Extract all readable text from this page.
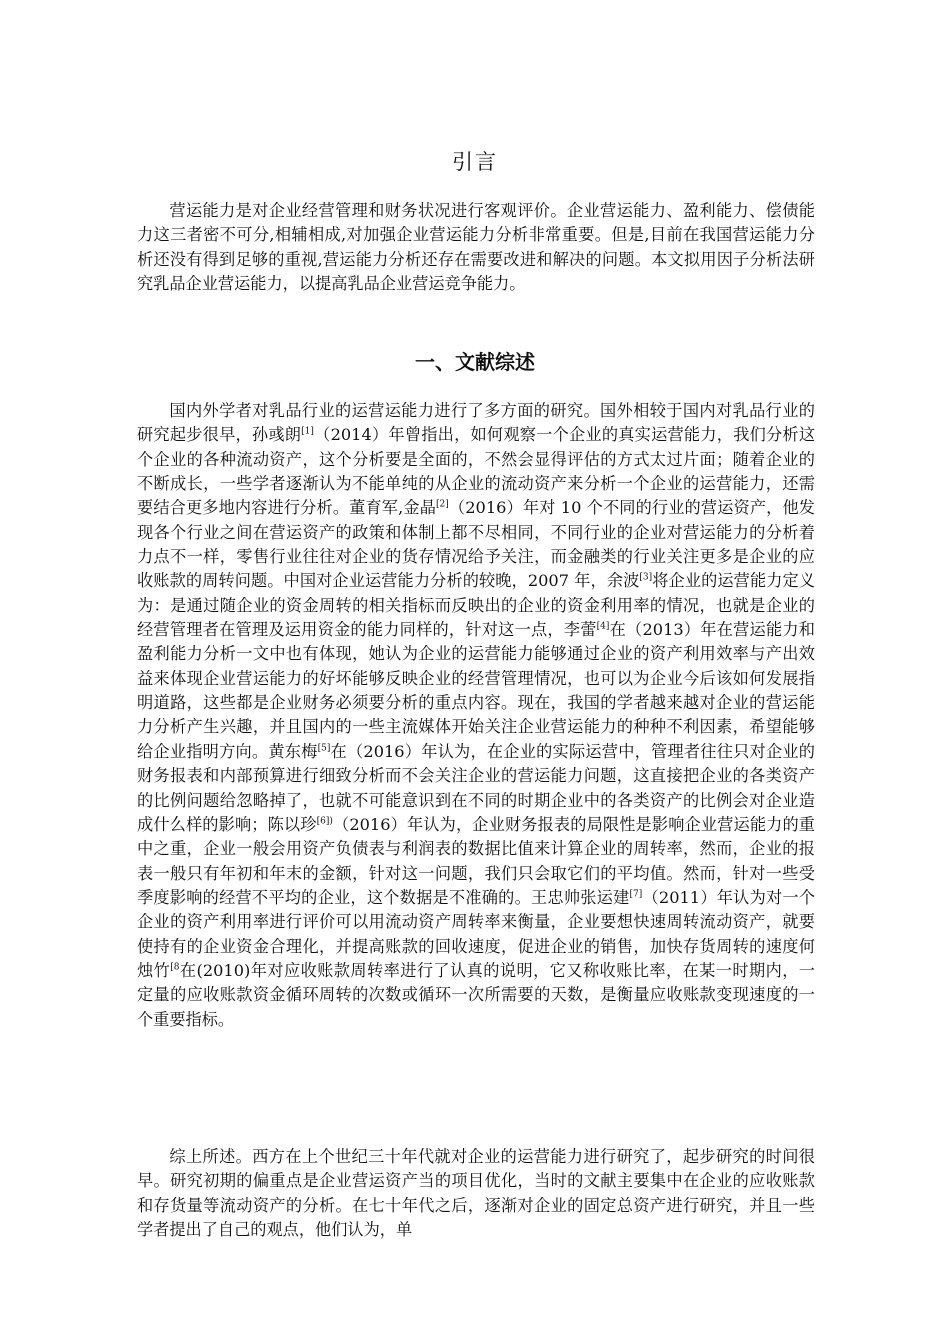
引言

营运能力是对企业经营管理和财务状况进行客观评价。企业营运能力、盈利能力、偿债能力这三者密不可分,相辅相成,对加强企业营运能力分析非常重要。但是,目前在我国营运能力分析还没有得到足够的重视,营运能力分析还存在需要改进和解决的问题。本文拟用因子分析法研究乳品企业营运能力，以提高乳品企业营运竞争能力。

一、文献综述

国内外学者对乳品行业的运营运能力进行了多方面的研究。国外相较于国内对乳品行业的研究起步很早，孙彧朗[1]（2014）年曾指出，如何观察一个企业的真实运营能力，我们分析这个企业的各种流动资产，这个分析要是全面的，不然会显得评估的方式太过片面；随着企业的不断成长，一些学者逐渐认为不能单纯的从企业的流动资产来分析一个企业的运营能力，还需要结合更多地内容进行分析。董育军,金晶[2]（2016）年对 10 个不同的行业的营运资产，他发现各个行业之间在营运资产的政策和体制上都不尽相同，不同行业的企业对营运能力的分析着力点不一样，零售行业往往对企业的货存情况给予关注，而金融类的行业关注更多是企业的应收账款的周转问题。中国对企业运营能力分析的较晚，2007 年，余波[3]将企业的运营能力定义为：是通过随企业的资金周转的相关指标而反映出的企业的资金利用率的情况，也就是企业的经营管理者在管理及运用资金的能力同样的，针对这一点，李蕾[4]在（2013）年在营运能力和盈利能力分析一文中也有体现，她认为企业的运营能力能够通过企业的资产利用效率与产出效益来体现企业营运能力的好坏能够反映企业的经营管理情况，也可以为企业今后该如何发展指明道路，这些都是企业财务必须要分析的重点内容。现在，我国的学者越来越对企业的营运能力分析产生兴趣，并且国内的一些主流媒体开始关注企业营运能力的种种不利因素，希望能够给企业指明方向。黄东梅[5]在（2016）年认为，在企业的实际运营中，管理者往往只对企业的财务报表和内部预算进行细致分析而不会关注企业的营运能力问题，这直接把企业的各类资产的比例问题给忽略掉了，也就不可能意识到在不同的时期企业中的各类资产的比例会对企业造成什么样的影响；陈以珍$^{[6])}$（2016）年认为，企业财务报表的局限性是影响企业营运能力的重中之重，企业一般会用资产负债表与利润表的数据比值来计算企业的周转率，然而，企业的报表一般只有年初和年末的金额，针对这一问题，我们只会取它们的平均值。然而，针对一些受季度影响的经营不平均的企业，这个数据是不准确的。王忠帅张运建[7]（2011）年认为对一个企业的资产利用率进行评价可以用流动资产周转率来衡量，企业要想快速周转流动资产，就要使持有的企业资金合理化，并提高账款的回收速度，促进企业的销售，加快存货周转的速度何烛竹$^{[8}$在(2010)年对应收账款周转率进行了认真的说明，它又称收账比率，在某一时期内，一定量的应收账款资金循环周转的次数或循环一次所需要的天数，是衡量应收账款变现速度的一个重要指标。

综上所述。西方在上个世纪三十年代就对企业的运营能力进行研究了，起步研究的时间很早。研究初期的偏重点是企业营运资产当的项目优化，当时的文献主要集中在企业的应收账款和存货量等流动资产的分析。在七十年代之后，逐渐对企业的固定总资产进行研究，并且一些学者提出了自己的观点，他们认为，单
